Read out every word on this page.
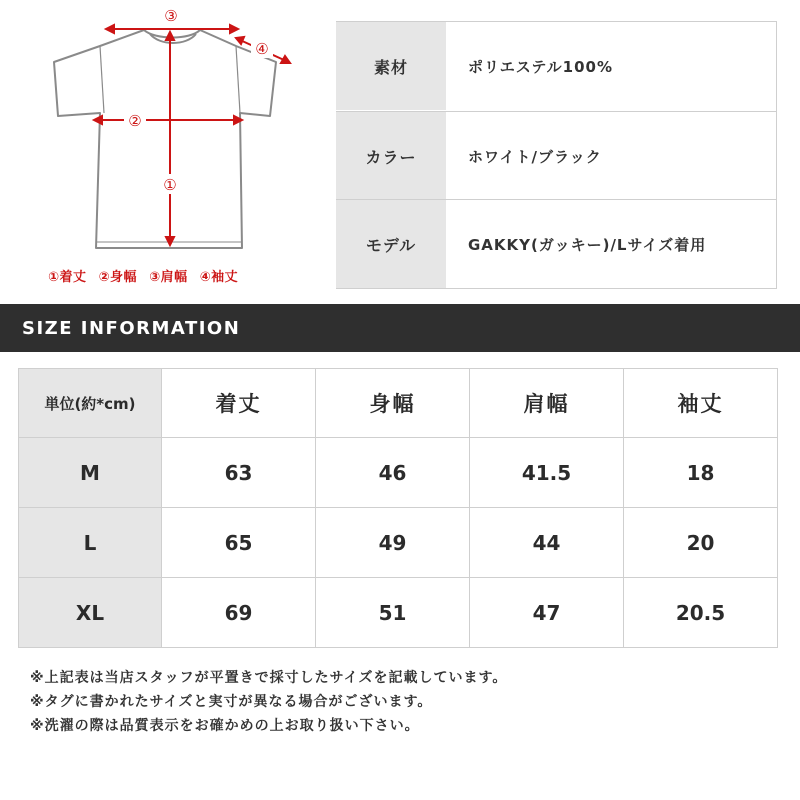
③
②
①
④
①着丈 ②身幅 ③肩幅 ④袖丈
素材	ポリエステル100%
カラー	ホワイト/ブラック
モデル	GAKKY(ガッキー)/Lサイズ着用
SIZE INFORMATION
単位(約*cm)	着丈	身幅	肩幅	袖丈
M	63	46	41.5	18
L	65	49	44	20
XL	69	51	47	20.5
※上記表は当店スタッフが平置きで採寸したサイズを記載しています。
※タグに書かれたサイズと実寸が異なる場合がございます。
※洗濯の際は品質表示をお確かめの上お取り扱い下さい。
